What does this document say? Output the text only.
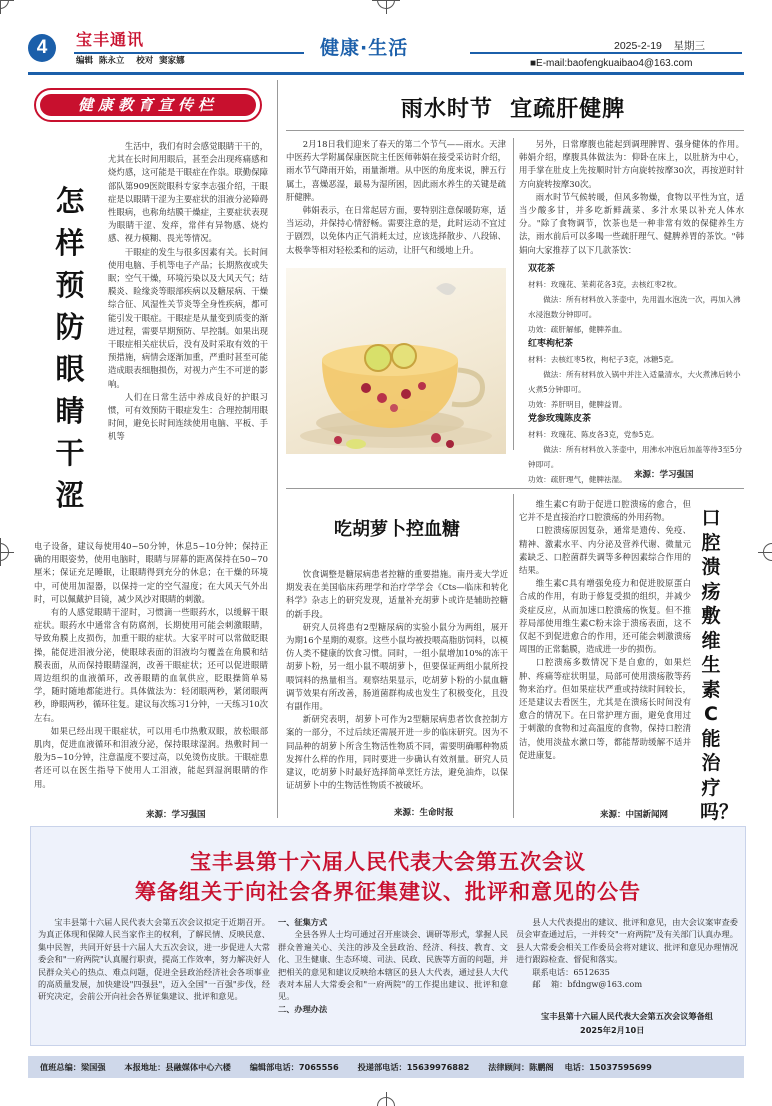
4	宝丰通讯
编辑  陈永立    校对  窦家娜
健康·生活	2025-2-19    星期三
■E-mail:baofengkuaibao4@163.com
健康教育宣传栏
怎样预防眼睛干涩

生活中，我们有时会感觉眼睛干干的，尤其在长时间用眼后，甚至会出现疼痛感和烧灼感，这可能是干眼症在作祟。联勤保障部队第909医院眼科专家李志强介绍，干眼症是以眼睛干涩为主要症状的泪液分泌障碍性眼病，也称角结膜干燥症，主要症状表现为眼睛干涩、发痒，常伴有异物感、烧灼感、视力模糊、畏光等情况。

干眼症的发生与很多因素有关。长时间使用电脑、手机等电子产品；长期熬夜或失眠；空气干燥，环境污染以及大风天气；结膜炎、睑缘炎等眼部疾病以及糖尿病、干燥综合征、风湿性关节炎等全身性疾病，都可能引发干眼症。干眼症是从量变到质变的渐进过程，需要早期预防、早控制。如果出现干眼症相关症状后，没有及时采取有效的干预措施，病情会逐渐加重，严重时甚至可能造成眼表细胞损伤，对视力产生不可逆的影响。

人们在日常生活中养成良好的护眼习惯，可有效预防干眼症发生：合理控制用眼时间，避免长时间连续使用电脑、平板、手机等

电子设备，建议每使用40~50分钟，休息5~10分钟；保持正确的用眼姿势，使用电脑时，眼睛与屏幕的距离保持在50~70厘米；保证充足睡眠，让眼睛得到充分的休息；在干燥的环境中，可使用加湿器，以保持一定的空气湿度；在大风天气外出时，可以佩戴护目镜，减少风沙对眼睛的刺激。

有的人感觉眼睛干涩时，习惯滴一些眼药水，以缓解干眼症状。眼药水中通常含有防腐剂，长期使用可能会刺激眼睛，导致角膜上皮损伤，加重干眼的症状。大家平时可以常做眨眼操，能促进泪液分泌，使眼球表面的泪液均匀覆盖在角膜和结膜表面，从而保持眼睛湿润，改善干眼症状；还可以促进眼睛周边组织的血液循环，改善眼睛的血氧供应，眨眼操简单易学，随时随地都能进行。具体做法为：轻闭眼两秒，紧闭眼两秒，睁眼两秒，循环往复。建议每次练习1分钟，一天练习10次左右。

如果已经出现干眼症状，可以用毛巾热敷双眼，放松眼部肌肉，促进血液循环和泪液分泌，保持眼球湿润。热敷时间一般为5~10分钟，注意温度不要过高，以免烫伤皮肤。干眼症患者还可以在医生指导下使用人工泪液，能起到湿润眼睛的作用。

来源：学习强国
雨水时节  宜疏肝健脾

2月18日我们迎来了春天的第二个节气——雨水。天津中医药大学附属保康医院主任医师韩娟在接受采访时介绍，雨水节气降雨开始，雨量渐增。从中医的角度来说，脾五行属土，喜燥恶湿，最易为湿所困，因此雨水养生的关键是疏肝健脾。

韩娟表示，在日常起居方面，要特别注意保暖防寒，适当运动，并保持心情舒畅。需要注意的是，此时运动不宜过于剧烈，以免体内正气消耗太过，应该选择散步、八段锦、太极拳等相对轻松柔和的运动，让肝气和缓地上升。

另外，日常摩腹也能起到调理脾胃、强身健体的作用。韩娟介绍，摩腹具体做法为：仰卧在床上，以肚脐为中心，用手掌在肚皮上先按顺时针方向旋转按摩30次，再按逆时针方向旋转按摩30次。

雨水时节气候转暖，但风多物燥，食物以平性为宜，适当少酸多甘，并多吃新鲜蔬菜、多汁水果以补充人体水分。"除了食物调节，饮茶也是一种非常有效的保健养生方法，雨水前后可以多喝一些疏肝理气、健脾养胃的茶饮。"韩娟向大家推荐了以下几款茶饮：

双花茶
材料：玫瑰花、茉莉花各3克，去核红枣2枚。
做法：所有材料放入茶壶中，先用温水泡洗一次，再加入沸水浸泡数分钟即可。
功效：疏肝解郁，健脾养血。
红枣枸杞茶
材料：去核红枣5枚，枸杞子3克，冰糖5克。
做法：所有材料放入锅中并注入适量清水，大火煮沸后转小火煮5分钟即可。
功效：养肝明目，健脾益胃。
党参玫瑰陈皮茶
材料：玫瑰花、陈皮各3克，党参5克。
做法：所有材料放入茶壶中，用沸水冲泡后加盖等待3至5分钟即可。
功效：疏肝理气，健脾祛湿。
来源：学习强国
吃胡萝卜控血糖

饮食调整是糖尿病患者控糖的重要措施。南丹麦大学近期发表在美国临床药理学和治疗学学会《Cts—临床和转化科学》杂志上的研究发现，适量补充胡萝卜或许是辅助控糖的新手段。

研究人员将患有2型糖尿病的实验小鼠分为两组，展开为期16个星期的观察。这些小鼠均被投喂高脂肪饲料，以模仿人类不健康的饮食习惯。同时，一组小鼠增加10%的冻干胡萝卜粉，另一组小鼠不喂胡萝卜，但要保证两组小鼠所投喂饲料的热量相当。观察结果显示，吃胡萝卜粉的小鼠血糖调节效果有所改善，肠道菌群构成也发生了积极变化，且没有副作用。

新研究表明，胡萝卜可作为2型糖尿病患者饮食控制方案的一部分，不过后续还需展开进一步的临床研究。因为不同品种的胡萝卜所含生物活性物质不同，需要明确哪种物质发挥什么样的作用，同时要进一步确认有效剂量。研究人员建议，吃胡萝卜时最好选择简单烹饪方法，避免油炸，以保证胡萝卜中的生物活性物质不被破坏。

来源：生命时报

维生素C有助于促进口腔溃疡的愈合，但它并不是直接治疗口腔溃疡的外用药物。

口腔溃疡原因复杂，通常是遗传、免疫、精神、激素水平、内分泌及营养代谢、微量元素缺乏、口腔菌群失调等多种因素综合作用的结果。

维生素C具有增强免疫力和促进胶原蛋白合成的作用，有助于修复受损的组织，并减少炎症反应，从而加速口腔溃疡的恢复。但不推荐局部使用维生素C粉末涂于溃疡表面，这不仅起不到促进愈合的作用，还可能会刺激溃疡周围的正常黏膜，造成进一步的损伤。

口腔溃疡多数情况下是自愈的，如果烂肿、疼痛等症状明显，局部可使用溃疡散等药物来治疗。但如果症状严重或持续时间较长，还是建议去看医生，尤其是在溃疡长时间没有愈合的情况下。在日常护理方面，避免食用过于刺激的食物和过高温度的食物，保持口腔清洁，使用淡盐水漱口等，都能帮助缓解不适并促进康复。

口腔溃疡敷维生素C能治疗吗？
来源：中国新闻网
宝丰县第十六届人民代表大会第五次会议
筹备组关于向社会各界征集建议、批评和意见的公告

宝丰县第十六届人民代表大会第五次会议拟定于近期召开。为真正体现和保障人民当家作主的权利，了解民情、反映民意、集中民智，共同开好县十六届人大五次会议，进一步促进人大常委会和"一府两院"认真履行职责，提高工作效率，努力解决好人民群众关心的热点、难点问题，促进全县政治经济社会各项事业的高质量发展，加快建设"四强县"，迈入全国"一百强"步伐，经研究决定，会前公开向社会各界征集建议、批评和意见。

一、征集方式

全县各界人士均可通过召开座谈会、调研等形式，掌握人民群众普遍关心、关注的涉及全县政治、经济、科技、教育、文化、卫生健康、生态环境、司法、民政、民族等方面的问题，并把相关的意见和建议反映给本辖区的县人大代表，通过县人大代表对本届人大常委会和"一府两院"的工作提出建议、批评和意见。

二、办理办法

县人大代表提出的建议、批评和意见，由大会议案审查委员会审查通过后，一并转交"一府两院"及有关部门认真办理。县人大常委会相关工作委员会将对建议、批评和意见办理情况进行跟踪检查、督促和落实。

联系电话：6512635

邮    箱：bfdngw@163.com

宝丰县第十六届人民代表大会第五次会议筹备组
2025年2月10日
值班总编：梁国强 本报地址：县融媒体中心六楼 编辑部电话：7065556 投递部电话：15639976882 法律顾问：陈鹏阁 电话：15037595699
